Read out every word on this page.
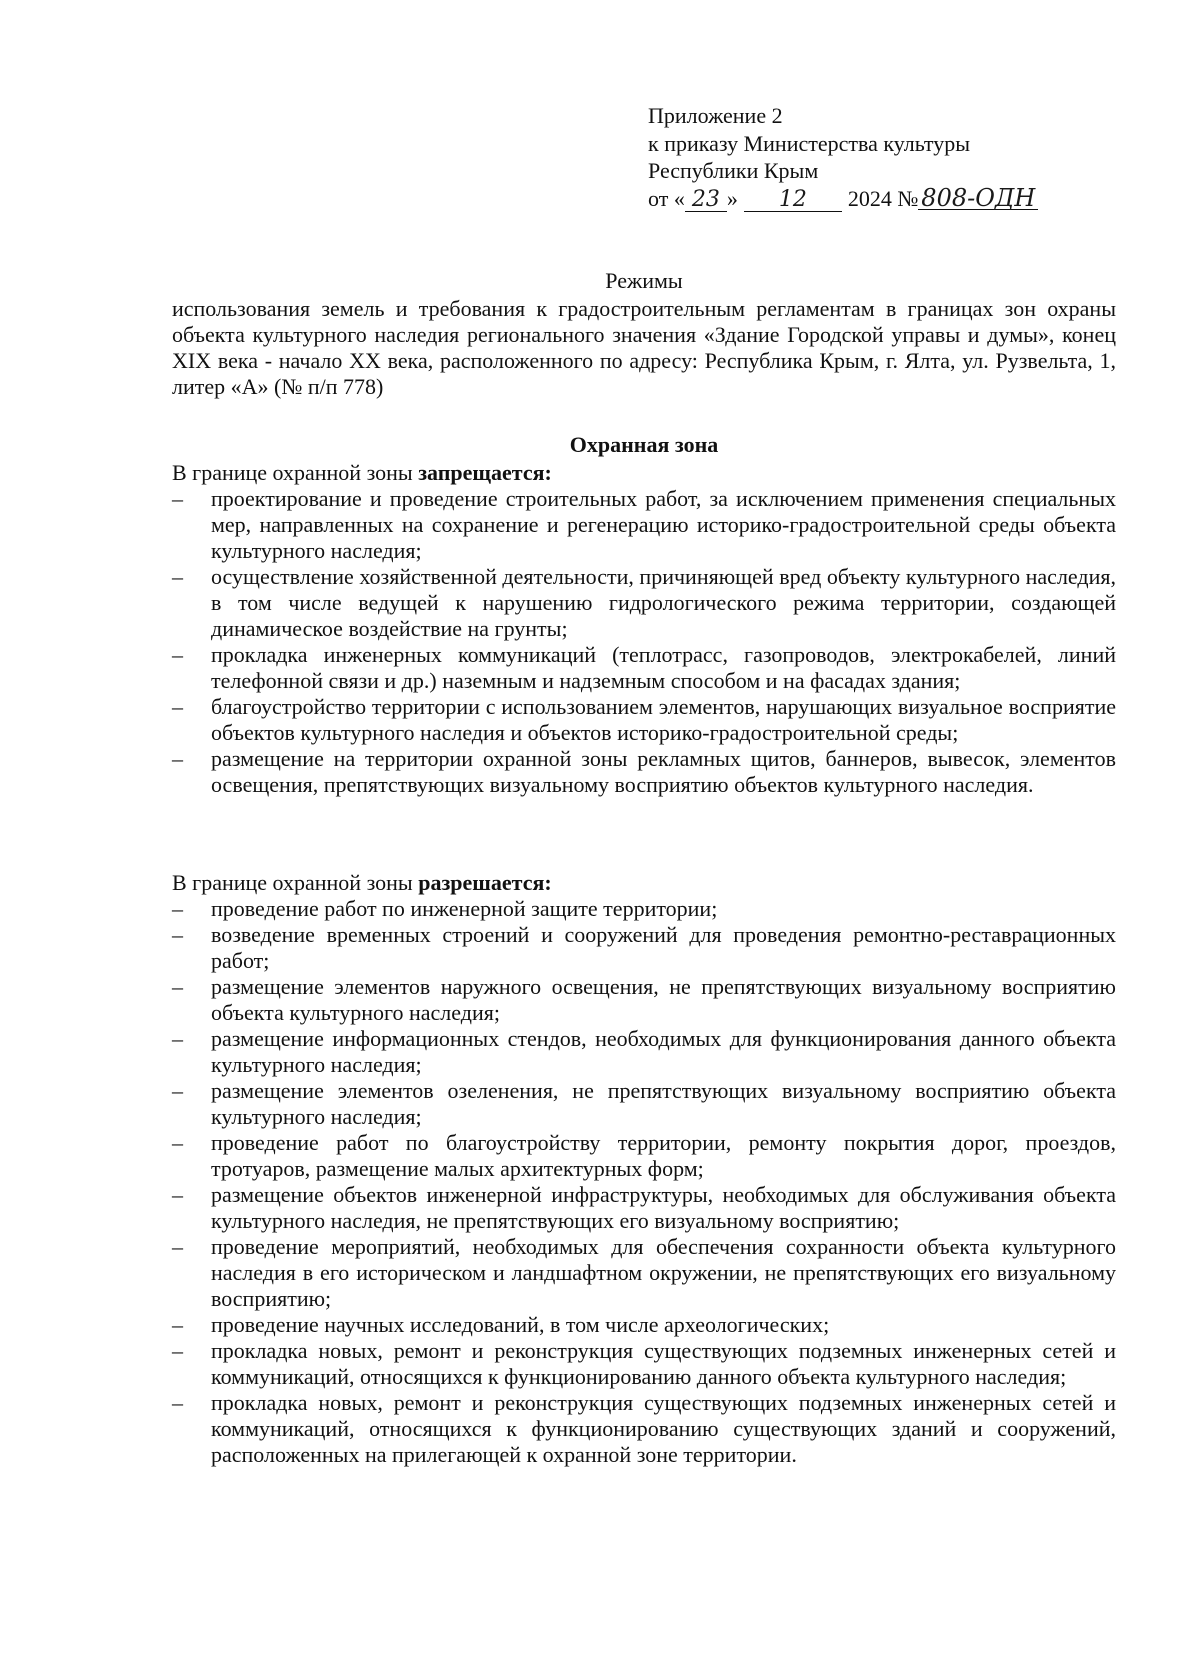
Приложение 2
к приказу Министерства культуры
Республики Крым
от « 23 »	12	2024 № 808-ОДН
Режимы
использования земель и требования к градостроительным регламентам в границах зон охраны объекта культурного наследия регионального значения «Здание Городской управы и думы», конец XIX века - начало XX века, расположенного по адресу: Республика Крым, г. Ялта, ул. Рузвельта, 1, литер «А» (№ п/п 778)
Охранная зона
В границе охранной зоны запрещается:
– проектирование и проведение строительных работ, за исключением применения специальных мер, направленных на сохранение и регенерацию историко-градостроительной среды объекта культурного наследия;
– осуществление хозяйственной деятельности, причиняющей вред объекту культурного наследия, в том числе ведущей к нарушению гидрологического режима территории, создающей динамическое воздействие на грунты;
– прокладка инженерных коммуникаций (теплотрасс, газопроводов, электрокабелей, линий телефонной связи и др.) наземным и надземным способом и на фасадах здания;
– благоустройство территории с использованием элементов, нарушающих визуальное восприятие объектов культурного наследия и объектов историко-градостроительной среды;
– размещение на территории охранной зоны рекламных щитов, баннеров, вывесок, элементов освещения, препятствующих визуальному восприятию объектов культурного наследия.
В границе охранной зоны разрешается:
– проведение работ по инженерной защите территории;
– возведение временных строений и сооружений для проведения ремонтно-реставрационных работ;
– размещение элементов наружного освещения, не препятствующих визуальному восприятию объекта культурного наследия;
– размещение информационных стендов, необходимых для функционирования данного объекта культурного наследия;
– размещение элементов озеленения, не препятствующих визуальному восприятию объекта культурного наследия;
– проведение работ по благоустройству территории, ремонту покрытия дорог, проездов, тротуаров, размещение малых архитектурных форм;
– размещение объектов инженерной инфраструктуры, необходимых для обслуживания объекта культурного наследия, не препятствующих его визуальному восприятию;
– проведение мероприятий, необходимых для обеспечения сохранности объекта культурного наследия в его историческом и ландшафтном окружении, не препятствующих его визуальному восприятию;
– проведение научных исследований, в том числе археологических;
– прокладка новых, ремонт и реконструкция существующих подземных инженерных сетей и коммуникаций, относящихся к функционированию данного объекта культурного наследия;
– прокладка новых, ремонт и реконструкция существующих подземных инженерных сетей и коммуникаций, относящихся к функционированию существующих зданий и сооружений, расположенных на прилегающей к охранной зоне территории.
